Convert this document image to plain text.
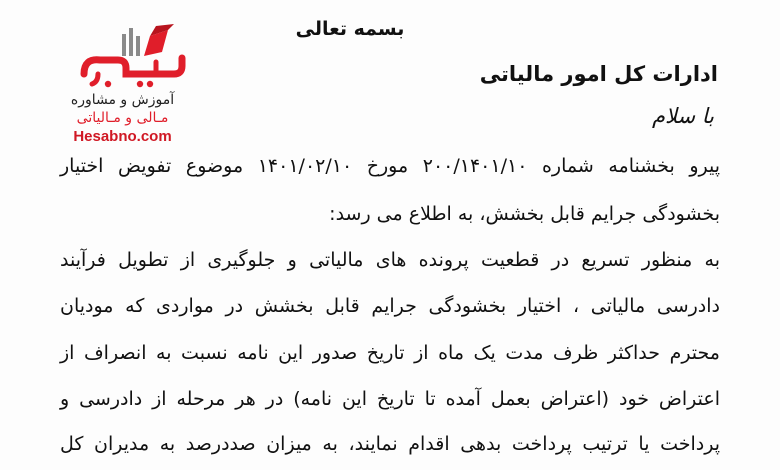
آموزش و مشاوره
مـالی و مـالیاتی
Hesabno.com
بسمه تعالی
ادارات کل امور مالیاتی
با سلام
پیرو بخشنامه شماره ۲۰۰/۱۴۰۱/۱۰ مورخ ۱۴۰۱/۰۲/۱۰ موضوع تفویض اختیار
بخشودگی جرایم قابل بخشش، به اطلاع می رسد:
به منظور تسریع در قطعیت پرونده های مالیاتی و جلوگیری از تطویل فرآیند
دادرسی مالیاتی ، اختیار بخشودگی جرایم قابل بخشش در مواردی که مودیان
محترم حداکثر ظرف مدت یک ماه از تاریخ صدور این نامه نسبت به انصراف از
اعتراض خود (اعتراض بعمل آمده تا تاریخ این نامه) در هر مرحله از دادرسی و
پرداخت یا ترتیب پرداخت بدهی اقدام نمایند، به میزان صددرصد به مدیران کل
